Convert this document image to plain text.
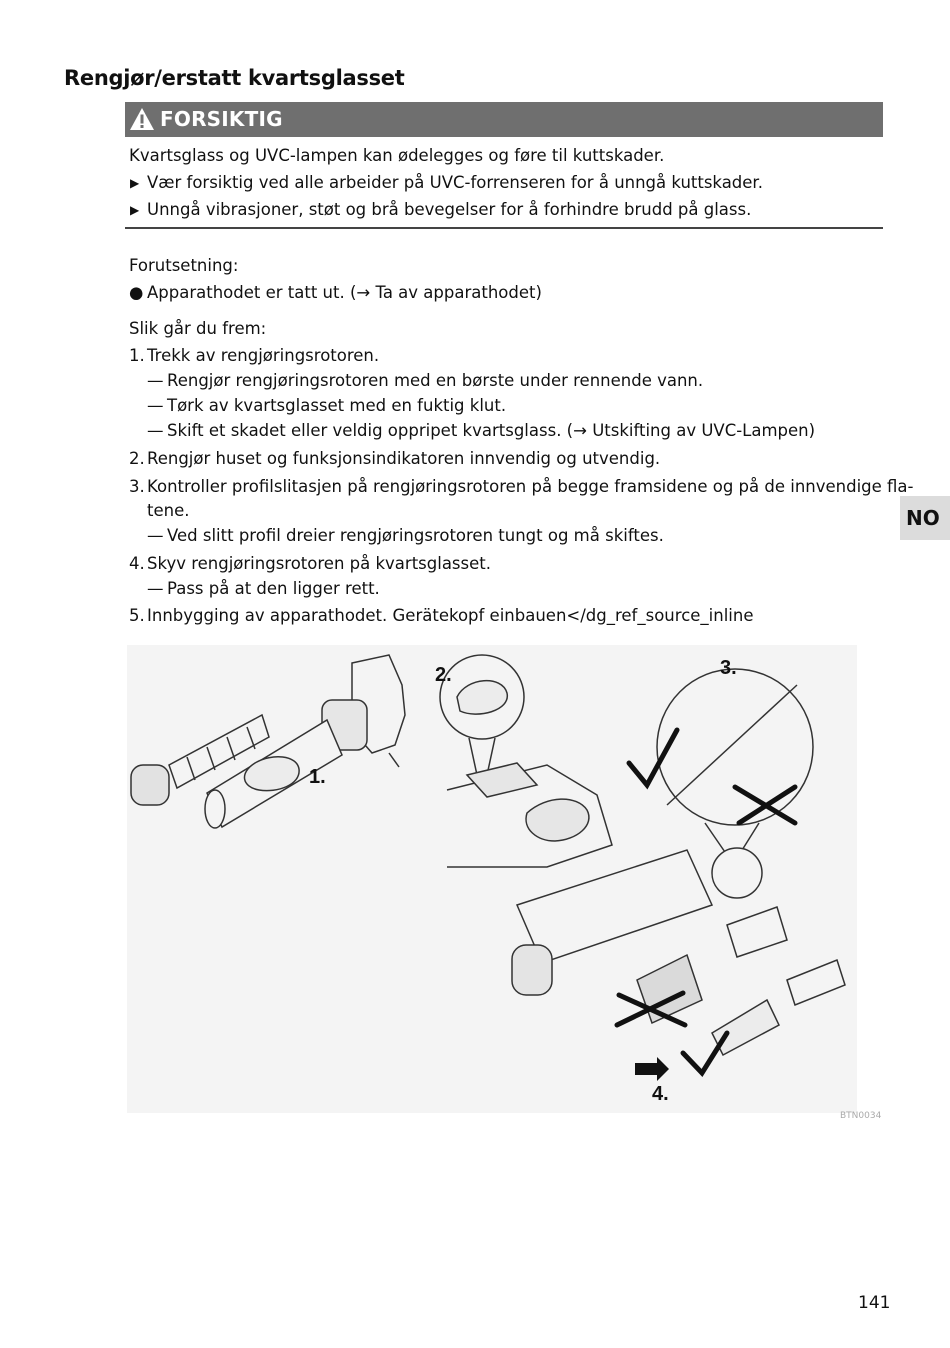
Rengjør/erstatt kvartsglasset
FORSIKTIG
Kvartsglass og UVC-lampen kan ødelegges og føre til kuttskader.
▶ Vær forsiktig ved alle arbeider på UVC-forrenseren for å unngå kuttskader.
▶ Unngå vibrasjoner, støt og brå bevegelser for å forhindre brudd på glass.
Forutsetning:
● Apparathodet er tatt ut. (→ Ta av apparathodet)
Slik går du frem:
1. Trekk av rengjøringsrotoren.
— Rengjør rengjøringsrotoren med en børste under rennende vann.
— Tørk av kvartsglasset med en fuktig klut.
— Skift et skadet eller veldig oppripet kvartsglass. (→ Utskifting av UVC-Lampen)
2. Rengjør huset og funksjonsindikatoren innvendig og utvendig.
3. Kontroller profilslitasjen på rengjøringsrotoren på begge framsidene og på de innvendige fla-
tene.
— Ved slitt profil dreier rengjøringsrotoren tungt og må skiftes.
4. Skyv rengjøringsrotoren på kvartsglasset.
— Pass på at den ligger rett.
5. Innbygging av apparathodet. Gerätekopf einbauen</dg_ref_source_inline
NO
1.
2.	3.
4.
BTN0034
141
